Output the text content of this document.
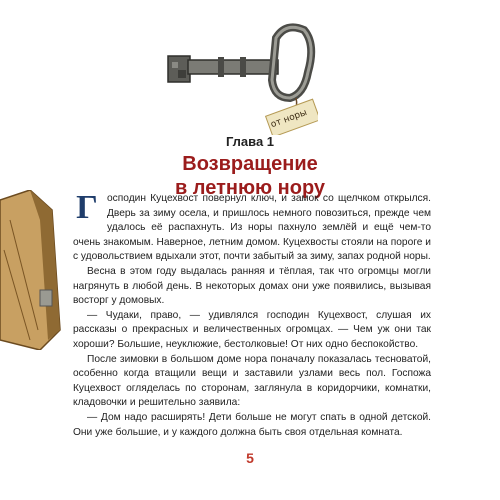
от норы
Глава 1
Возвращение
в летнюю нору

Господин Куцехвост повернул ключ, и замок со щелчком открылся. Дверь за зиму осела, и пришлось немного повозиться, прежде чем удалось её распахнуть. Из норы пахнуло землёй и ещё чем-то очень знакомым. Наверное, летним домом. Куцехвосты стояли на пороге и с удовольствием вдыхали этот, почти забытый за зиму, запах родной норы.

Весна в этом году выдалась ранняя и тёплая, так что огромцы могли нагрянуть в любой день. В некоторых домах они уже появились, вызывая восторг у домовых.

— Чудаки, право, — удивлялся господин Куцехвост, слушая их рассказы о прекрасных и величественных огромцах. — Чем уж они так хороши? Большие, неуклюжие, бестолковые! От них одно беспокойство.

После зимовки в большом доме нора поначалу показалась тесноватой, особенно когда втащили вещи и заставили узлами весь пол. Госпожа Куцехвост огляделась по сторонам, заглянула в коридорчики, комнатки, кладовочки и решительно заявила:

— Дом надо расширять! Дети больше не могут спать в одной детской. Они уже большие, и у каждого должна быть своя отдельная комната.

5
